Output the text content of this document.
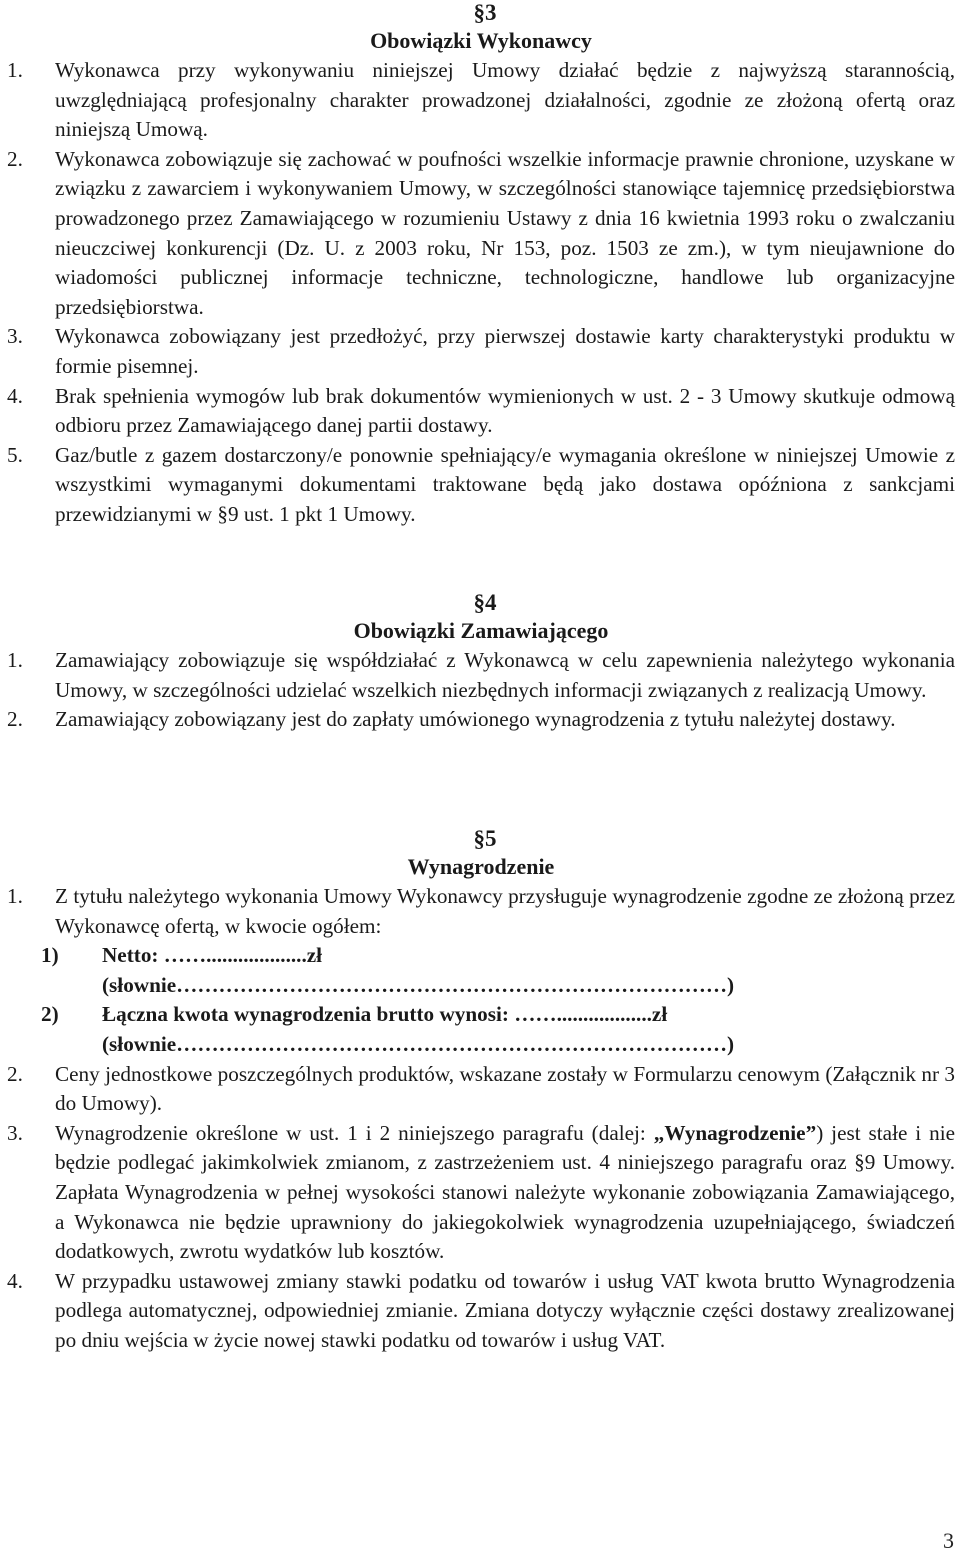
§3
Obowiązki Wykonawcy
1. Wykonawca przy wykonywaniu niniejszej Umowy działać będzie z najwyższą starannością, uwzględniającą profesjonalny charakter prowadzonej działalności, zgodnie ze złożoną ofertą oraz niniejszą Umową.
2. Wykonawca zobowiązuje się zachować w poufności wszelkie informacje prawnie chronione, uzyskane w związku z zawarciem i wykonywaniem Umowy, w szczególności stanowiące tajemnicę przedsiębiorstwa prowadzonego przez Zamawiającego w rozumieniu Ustawy z dnia 16 kwietnia 1993 roku o zwalczaniu nieuczciwej konkurencji (Dz. U. z 2003 roku, Nr 153, poz. 1503 ze zm.), w tym nieujawnione do wiadomości publicznej informacje techniczne, technologiczne, handlowe lub organizacyjne przedsiębiorstwa.
3. Wykonawca zobowiązany jest przedłożyć, przy pierwszej dostawie karty charakterystyki produktu w formie pisemnej.
4. Brak spełnienia wymogów lub brak dokumentów wymienionych w ust. 2 - 3 Umowy skutkuje odmową odbioru przez Zamawiającego danej partii dostawy.
5. Gaz/butle z gazem dostarczony/e ponownie spełniający/e wymagania określone w niniejszej Umowie z wszystkimi wymaganymi dokumentami traktowane będą jako dostawa opóźniona z sankcjami przewidzianymi w §9 ust. 1 pkt 1 Umowy.
§4
Obowiązki Zamawiającego
1. Zamawiający zobowiązuje się współdziałać z Wykonawcą w celu zapewnienia należytego wykonania Umowy, w szczególności udzielać wszelkich niezbędnych informacji związanych z realizacją Umowy.
2. Zamawiający zobowiązany jest do zapłaty umówionego wynagrodzenia z tytułu należytej dostawy.
§5
Wynagrodzenie
1. Z tytułu należytego wykonania Umowy Wykonawcy przysługuje wynagrodzenie zgodne ze złożoną przez Wykonawcę ofertą, w kwocie ogółem:
1) Netto: ……...................zł
(słownie……………………………………………………………………)
2) Łączna kwota wynagrodzenia brutto wynosi: ……..................zł
(słownie……………………………………………………………………)
2. Ceny jednostkowe poszczególnych produktów, wskazane zostały w Formularzu cenowym (Załącznik nr 3 do Umowy).
3. Wynagrodzenie określone w ust. 1 i 2 niniejszego paragrafu (dalej: „Wynagrodzenie”) jest stałe i nie będzie podlegać jakimkolwiek zmianom, z zastrzeżeniem ust. 4 niniejszego paragrafu oraz §9 Umowy. Zapłata Wynagrodzenia w pełnej wysokości stanowi należyte wykonanie zobowiązania Zamawiającego, a Wykonawca nie będzie uprawniony do jakiegokolwiek wynagrodzenia uzupełniającego, świadczeń dodatkowych, zwrotu wydatków lub kosztów.
4. W przypadku ustawowej zmiany stawki podatku od towarów i usług VAT kwota brutto Wynagrodzenia podlega automatycznej, odpowiedniej zmianie. Zmiana dotyczy wyłącznie części dostawy zrealizowanej po dniu wejścia w życie nowej stawki podatku od towarów i usług VAT.
3
